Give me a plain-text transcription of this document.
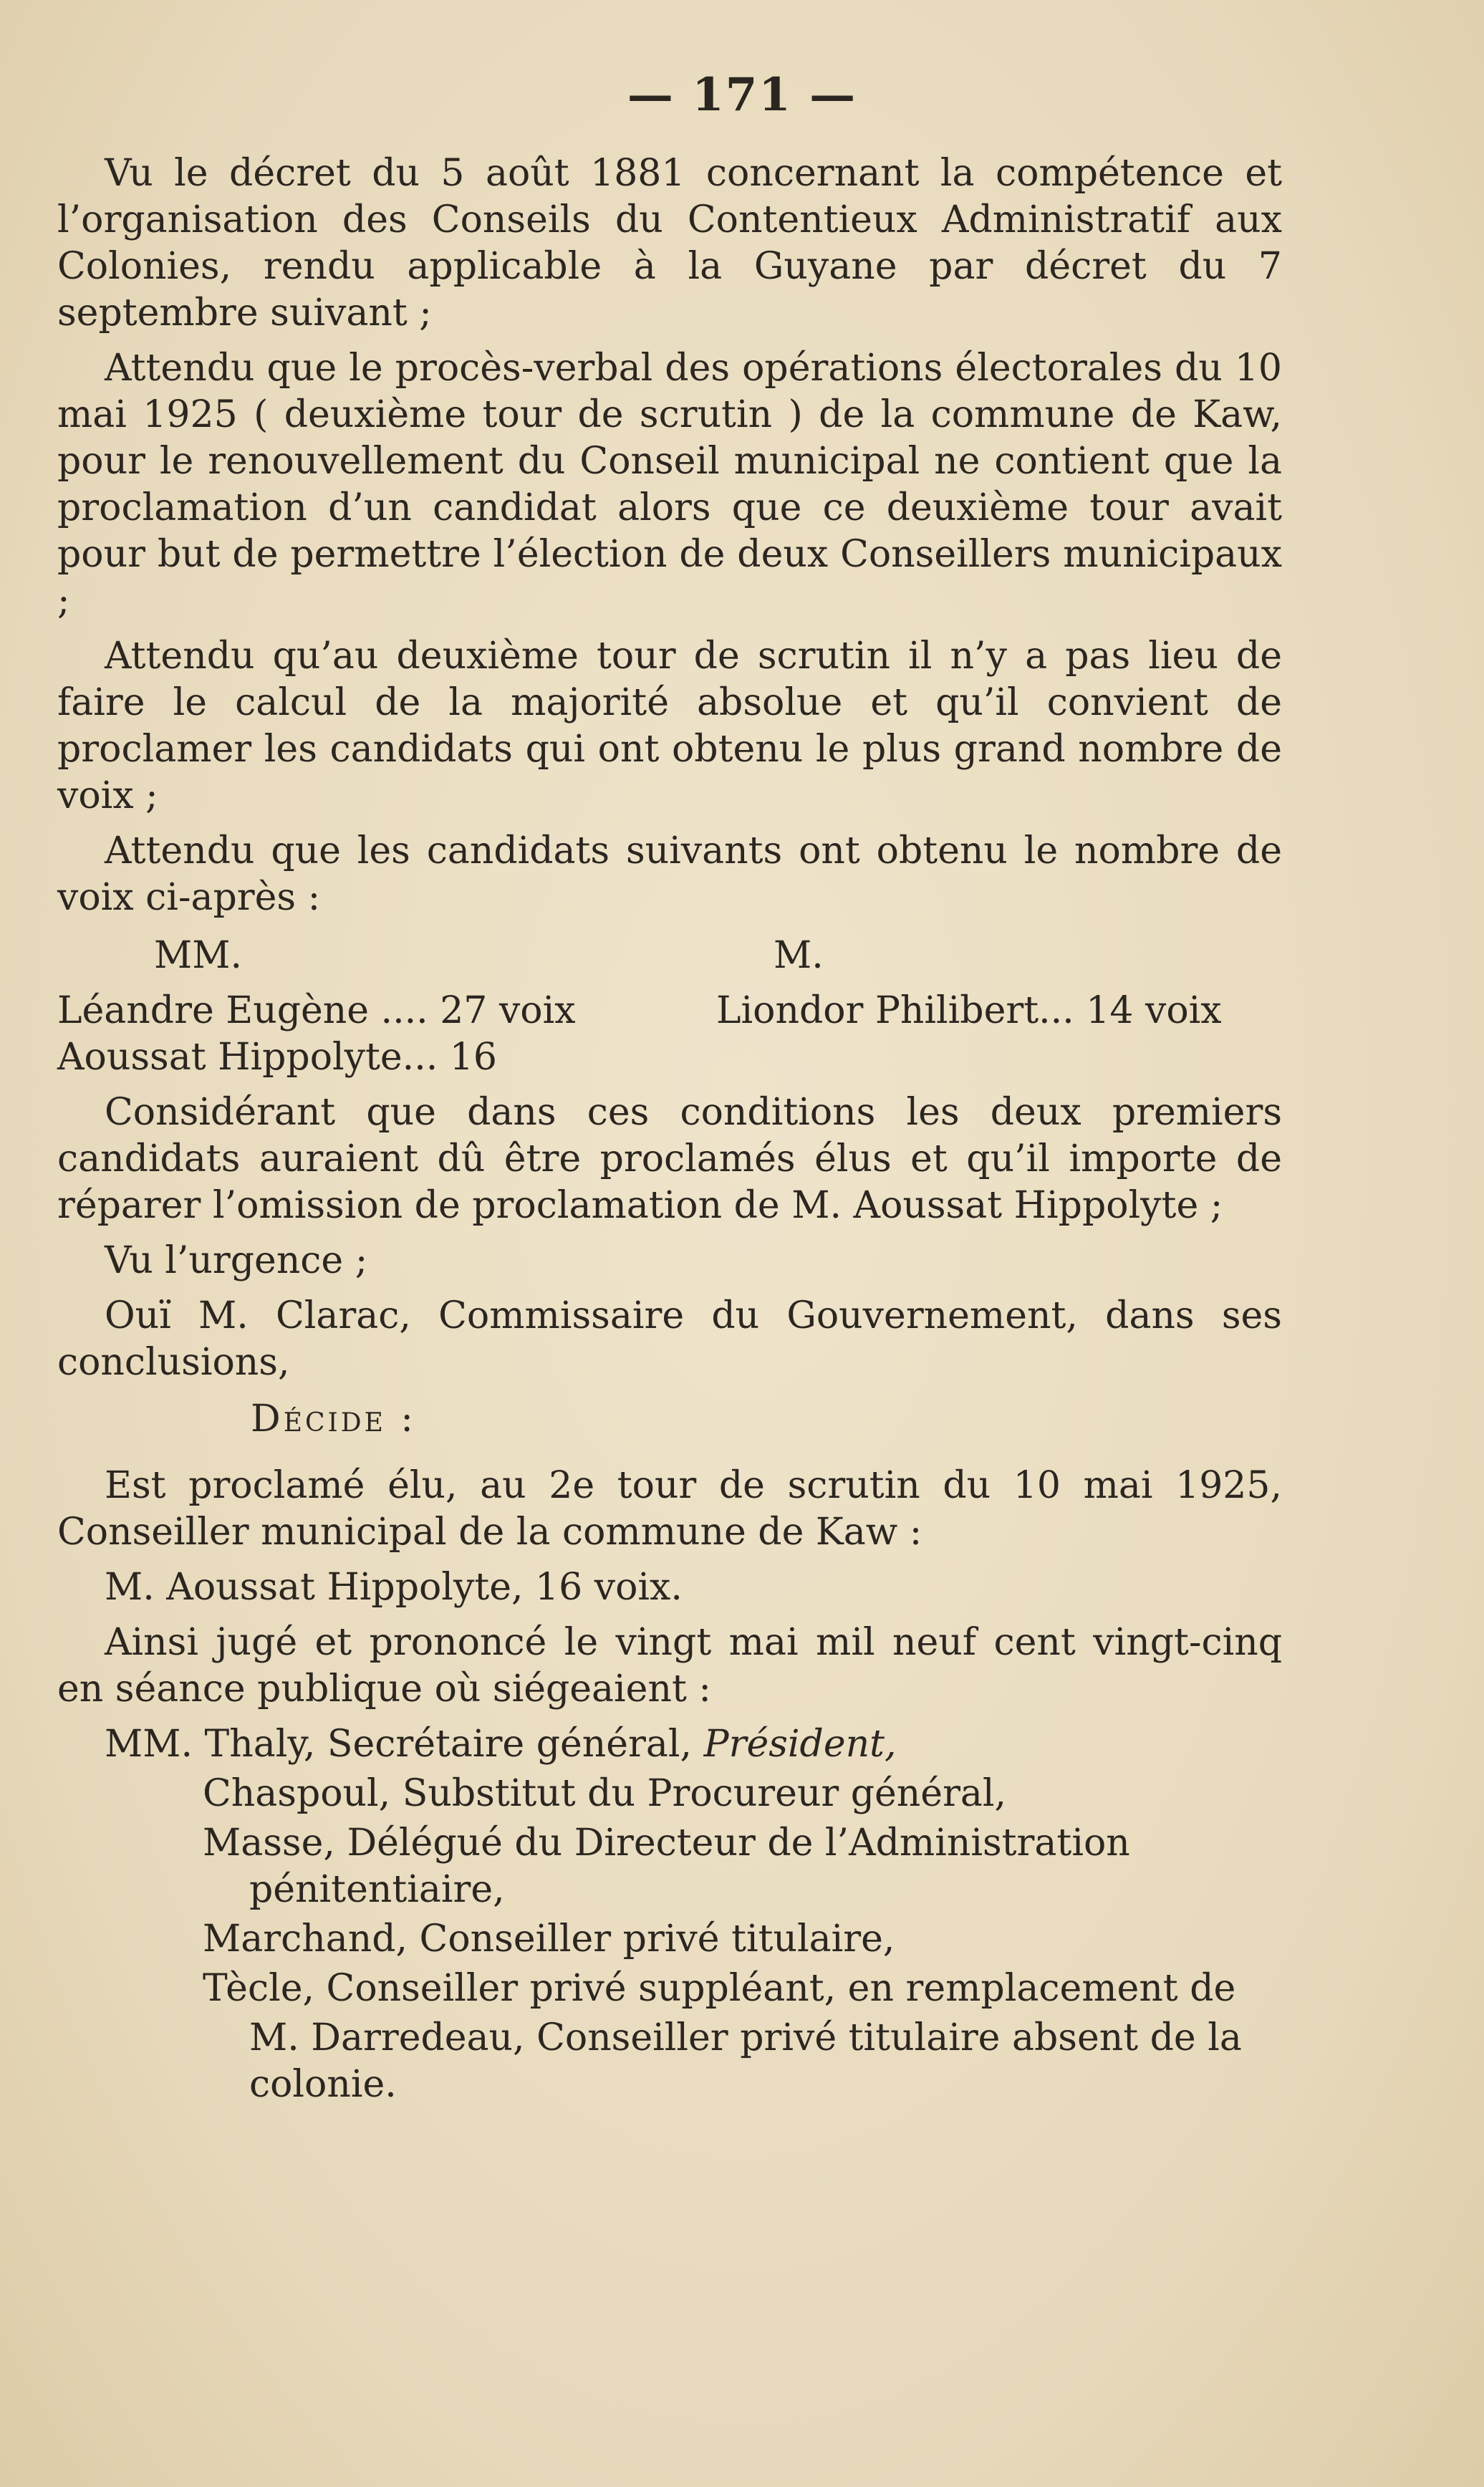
— 171 —

Vu le décret du 5 août 1881 concernant la compétence et l’organisation des Conseils du Contentieux Administratif aux Colonies, rendu applicable à la Guyane par décret du 7 septembre suivant ;

Attendu que le procès-verbal des opérations électorales du 10 mai 1925 ( deuxième tour de scrutin ) de la commune de Kaw, pour le renouvellement du Conseil municipal ne contient que la proclamation d’un candidat alors que ce deuxième tour avait pour but de permettre l’élection de deux Conseillers municipaux ;

Attendu qu’au deuxième tour de scrutin il n’y a pas lieu de faire le calcul de la majorité absolue et qu’il convient de proclamer les candidats qui ont obtenu le plus grand nombre de voix ;

Attendu que les candidats suivants ont obtenu le nombre de voix ci-après :

MM.	M.
Léandre Eugène .... 27 voix	Liondor Philibert... 14 voix
Aoussat Hippolyte... 16

Considérant que dans ces conditions les deux premiers candidats auraient dû être proclamés élus et qu’il importe de réparer l’omission de proclamation de M. Aoussat Hippolyte ;

Vu l’urgence ;

Ouï M. Clarac, Commissaire du Gouvernement, dans ses conclusions,

Décide :

Est proclamé élu, au 2e tour de scrutin du 10 mai 1925, Conseiller municipal de la commune de Kaw :

M. Aoussat Hippolyte, 16 voix.

Ainsi jugé et prononcé le vingt mai mil neuf cent vingt-cinq en séance publique où siégeaient :

MM. Thaly, Secrétaire général, Président,

Chaspoul, Substitut du Procureur général,

Masse, Délégué du Directeur de l’Administration pénitentiaire,

Marchand, Conseiller privé titulaire,

Tècle, Conseiller privé suppléant, en remplacement de

M. Darredeau, Conseiller privé titulaire absent de la colonie.
